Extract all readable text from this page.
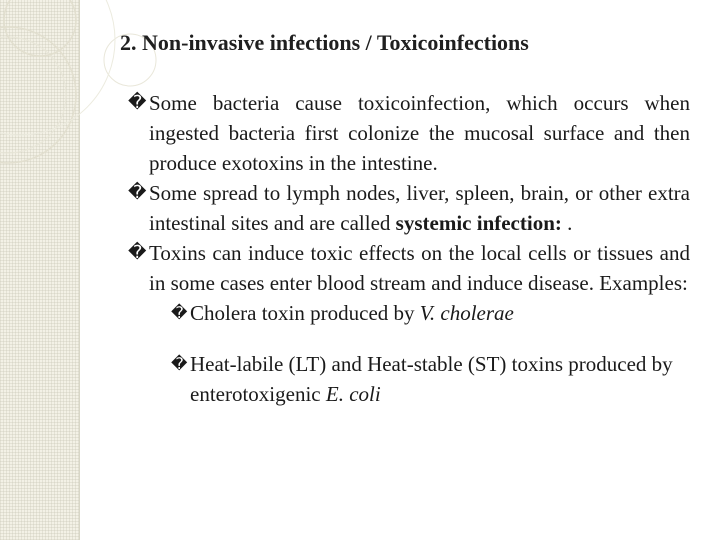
2. Non-invasive infections / Toxicoinfections

� Some bacteria cause toxicoinfection, which occurs when ingested bacteria first colonize the mucosal surface and then produce exotoxins in the intestine.

� Some spread to lymph nodes, liver, spleen, brain, or other extra intestinal sites and are called systemic infection: .

� Toxins can induce toxic effects on the local cells or tissues and in some cases enter blood stream and induce disease. Examples:

� Cholera toxin produced by V. cholerae

� Heat-labile (LT) and Heat-stable (ST) toxins produced by enterotoxigenic E. coli
